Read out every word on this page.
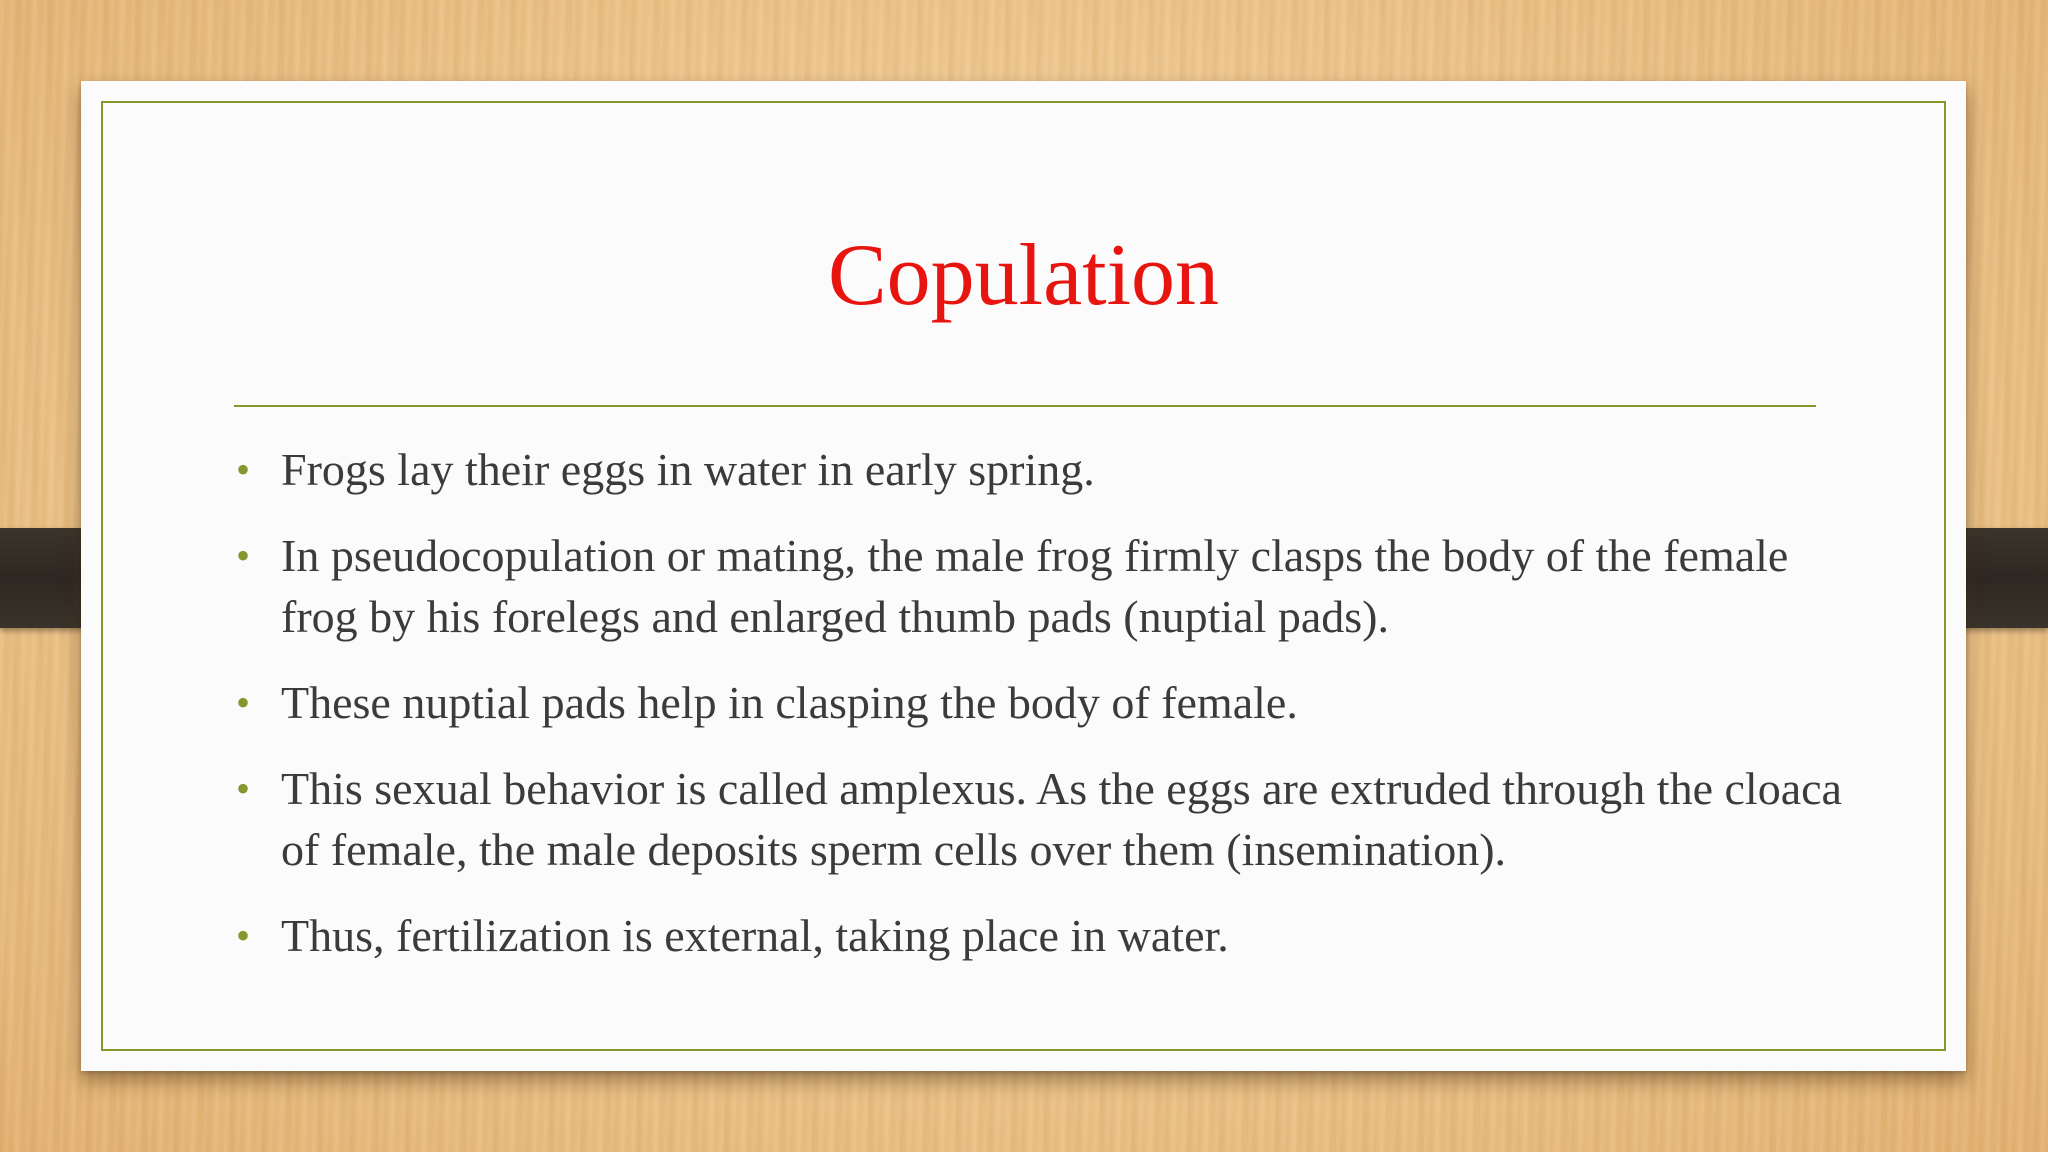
Copulation
• Frogs lay their eggs in water in early spring.
• In pseudocopulation or mating, the male frog firmly clasps the body of the female frog by his forelegs and enlarged thumb pads (nuptial pads).
• These nuptial pads help in clasping the body of female.
• This sexual behavior is called amplexus. As the eggs are extruded through the cloaca of female, the male deposits sperm cells over them (insemination).
• Thus, fertilization is external, taking place in water.
